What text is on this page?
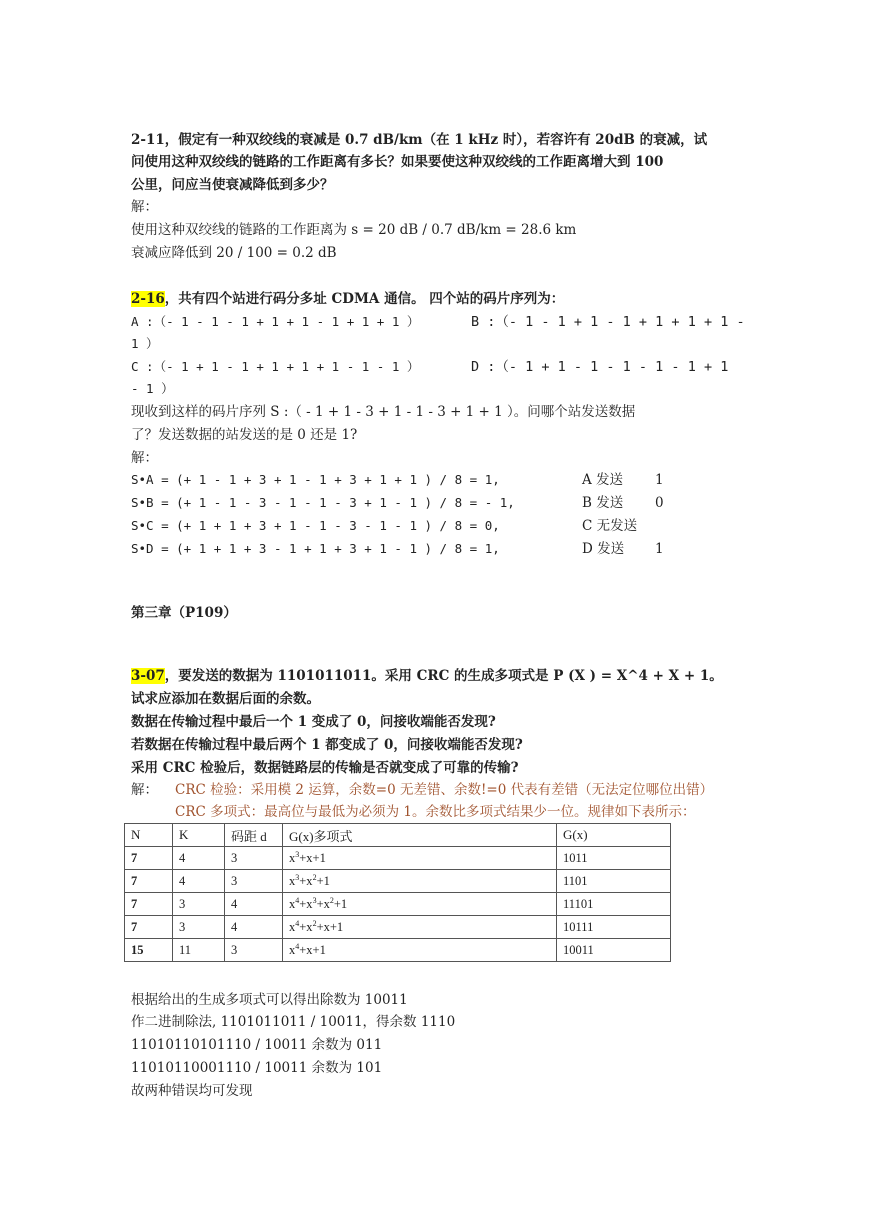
2-11，假定有一种双绞线的衰减是 0.7 dB/km（在 1 kHz 时），若容许有 20dB 的衰减，试
问使用这种双绞线的链路的工作距离有多长？如果要使这种双绞线的工作距离增大到 100
公里，问应当使衰减降低到多少？
解：
使用这种双绞线的链路的工作距离为 s = 20 dB / 0.7 dB/km = 28.6 km
衰减应降低到 20 / 100 = 0.2 dB
2-16，共有四个站进行码分多址 CDMA 通信。 四个站的码片序列为：
A :（- 1 - 1 - 1 + 1 + 1 - 1 + 1 + 1 ）	B :（- 1 - 1 + 1 - 1 + 1 + 1 + 1 -
1 ）
C :（- 1 + 1 - 1 + 1 + 1 + 1 - 1 - 1 ）	D :（- 1 + 1 - 1 - 1 - 1 - 1 + 1
- 1 ）
现收到这样的码片序列 S :（ - 1 + 1 - 3 + 1 - 1 - 3 + 1 + 1 ）。问哪个站发送数据
了？发送数据的站发送的是 0 还是 1?
解：
S•A = (+ 1 - 1 + 3 + 1 - 1 + 3 + 1 + 1 ) / 8 = 1,	A 发送 1
S•B = (+ 1 - 1 - 3 - 1 - 1 - 3 + 1 - 1 ) / 8 = - 1,	B 发送 0
S•C = (+ 1 + 1 + 3 + 1 - 1 - 3 - 1 - 1 ) / 8 = 0,	C 无发送
S•D = (+ 1 + 1 + 3 - 1 + 1 + 3 + 1 - 1 ) / 8 = 1,	D 发送 1
第三章（P109）
3-07，要发送的数据为 1101011011。采用 CRC 的生成多项式是 P (X ) = X^4 + X + 1。
试求应添加在数据后面的余数。
数据在传输过程中最后一个 1 变成了 0，问接收端能否发现?
若数据在传输过程中最后两个 1 都变成了 0，问接收端能否发现?
采用 CRC 检验后，数据链路层的传输是否就变成了可靠的传输?
解： CRC 检验：采用模 2 运算，余数=0 无差错、余数!=0 代表有差错（无法定位哪位出错）
CRC 多项式：最高位与最低为必须为 1。余数比多项式结果少一位。规律如下表所示：
N	K	码距 d	G(x)多项式	G(x)
7	4	3	$x^3+x+1$	1011
7	4	3	$x^3+x^2+1$	1101
7	3	4	$x^4+x^3+x^2+1$	11101
7	3	4	$x^4+x^2+x+1$	10111
15	11	3	$x^4+x+1$	10011
根据给出的生成多项式可以得出除数为 10011
作二进制除法, 1101011011 / 10011，得余数 1110
11010110101110 / 10011 余数为 011
11010110001110 / 10011 余数为 101
故两种错误均可发现
